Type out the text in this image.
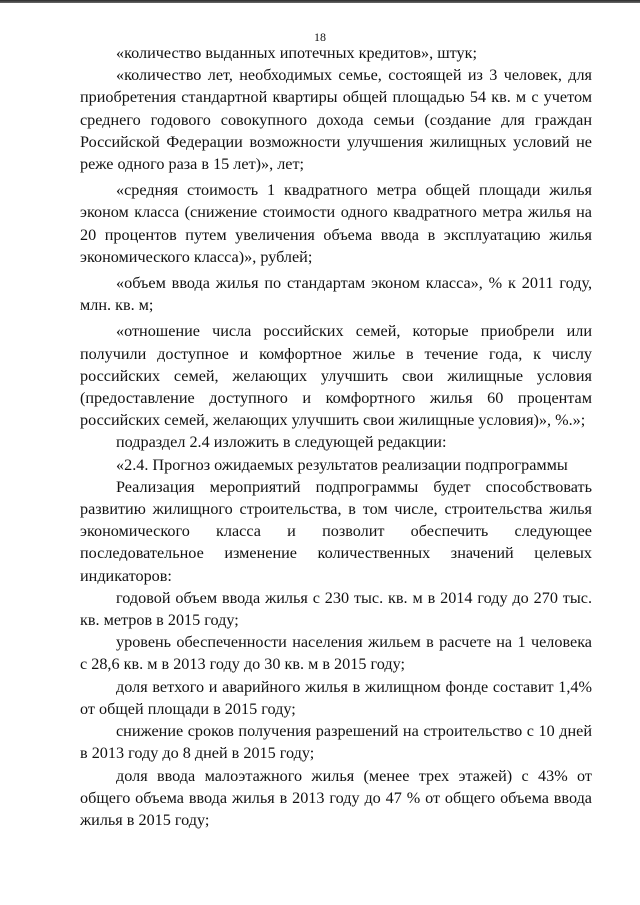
18

«количество выданных ипотечных кредитов», штук;

«количество лет, необходимых семье, состоящей из 3 человек, для приобретения стандартной квартиры общей площадью 54 кв. м с учетом среднего годового совокупного дохода семьи (создание для граждан Российской Федерации возможности улучшения жилищных условий не реже одного раза в 15 лет)», лет;

«средняя стоимость 1 квадратного метра общей площади жилья эконом класса (снижение стоимости одного квадратного метра жилья на 20 процентов путем увеличения объема ввода в эксплуатацию жилья экономического класса)», рублей;

«объем ввода жилья по стандартам эконом класса», % к 2011 году, млн. кв. м;

«отношение числа российских семей, которые приобрели или получили доступное и комфортное жилье в течение года, к числу российских семей, желающих улучшить свои жилищные условия (предоставление доступного и комфортного жилья 60 процентам российских семей, желающих улучшить свои жилищные условия)», %.»;

подраздел 2.4 изложить в следующей редакции:

«2.4. Прогноз ожидаемых результатов реализации подпрограммы

Реализация мероприятий подпрограммы будет способствовать развитию жилищного строительства, в том числе, строительства жилья экономического класса и позволит обеспечить следующее последовательное изменение количественных значений целевых индикаторов:

годовой объем ввода жилья с 230 тыс. кв. м в 2014 году до 270 тыс. кв. метров в 2015 году;

уровень обеспеченности населения жильем в расчете на 1 человека с 28,6 кв. м в 2013 году до 30 кв. м в 2015 году;

доля ветхого и аварийного жилья в жилищном фонде составит 1,4% от общей площади в 2015 году;

снижение сроков получения разрешений на строительство с 10 дней в 2013 году до 8 дней в 2015 году;

доля ввода малоэтажного жилья (менее трех этажей) с 43% от общего объема ввода жилья в 2013 году до 47 % от общего объема ввода жилья в 2015 году;
